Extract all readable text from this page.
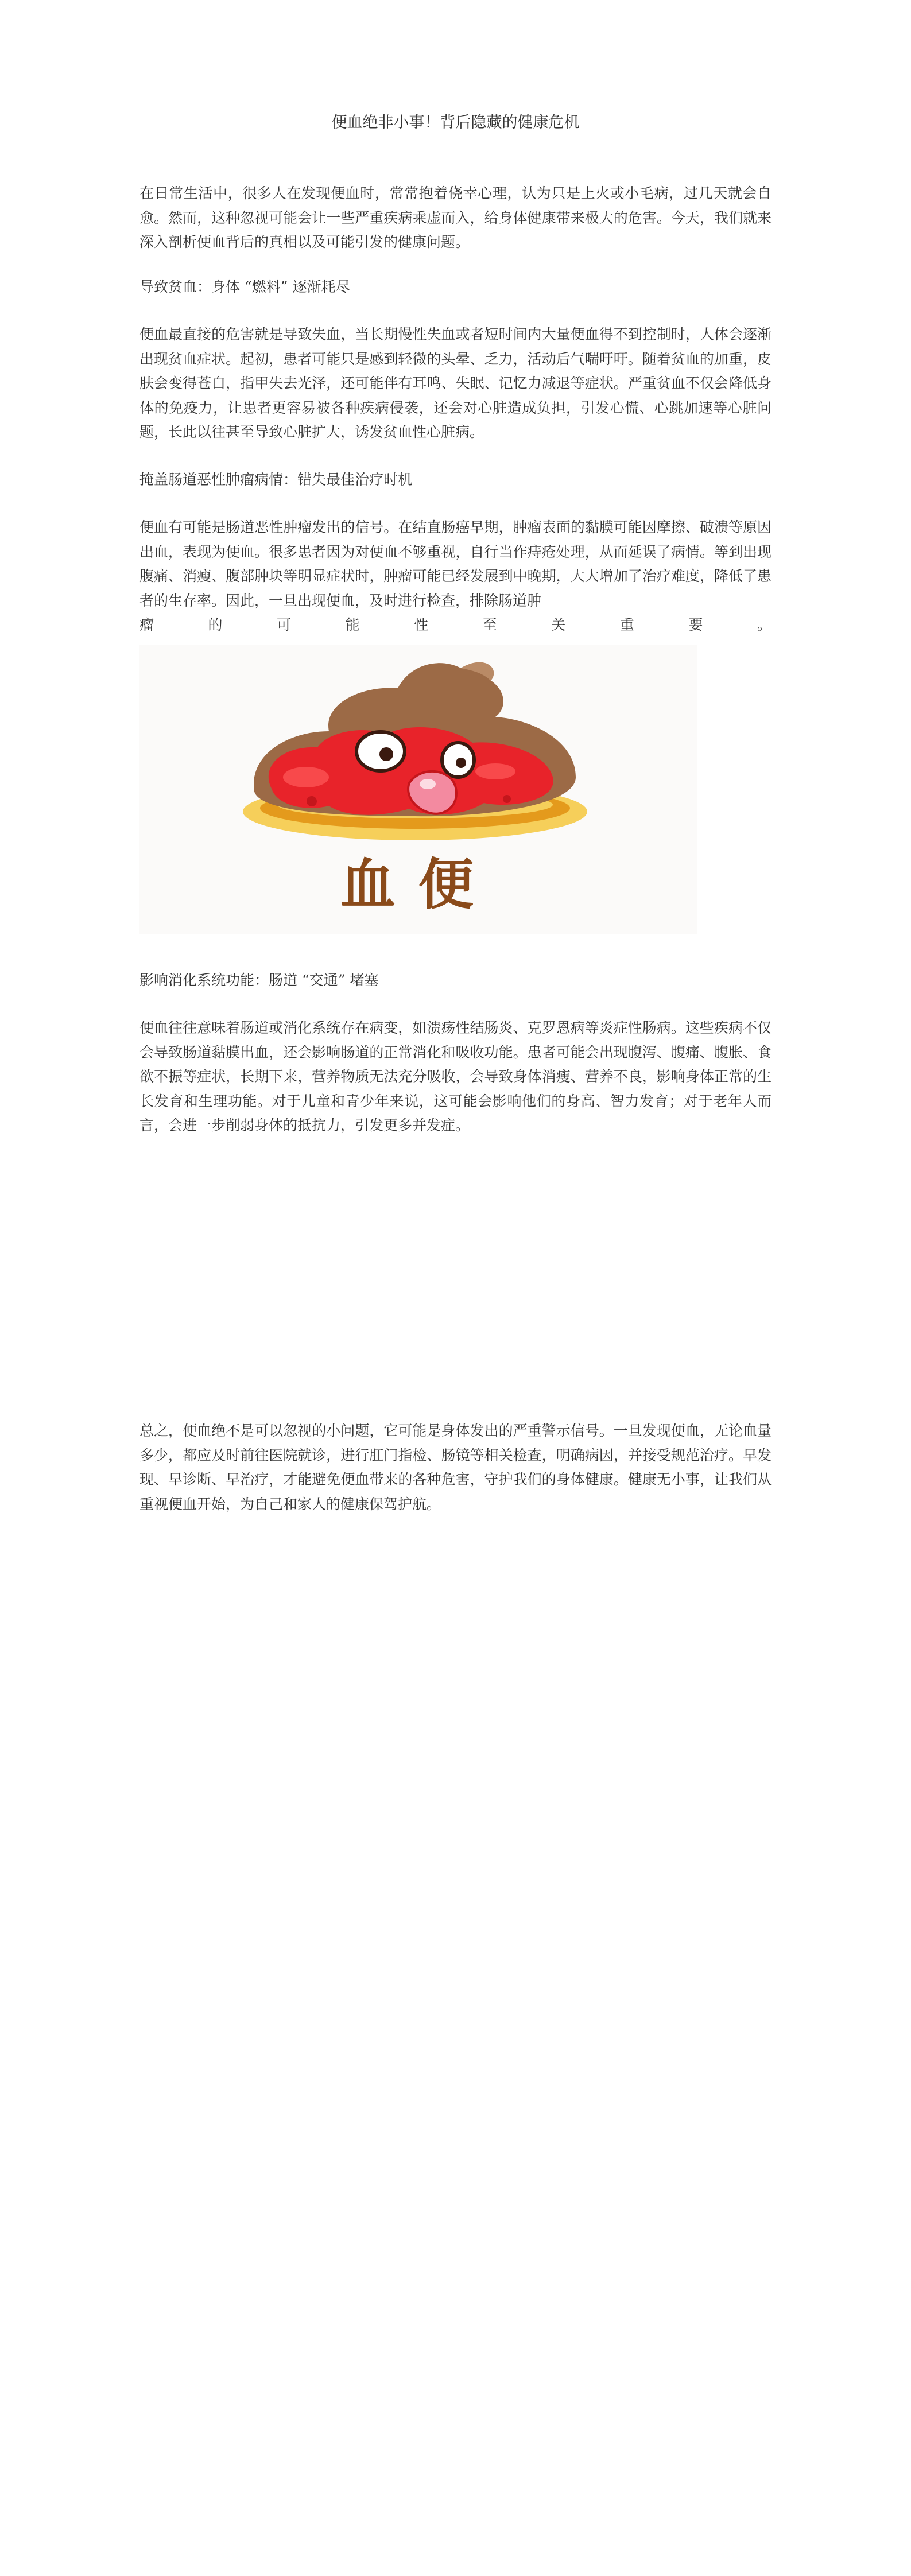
便血绝非小事！背后隐藏的健康危机

在日常生活中，很多人在发现便血时，常常抱着侥幸心理，认为只是上火或小毛病，过几天就会自愈。然而，这种忽视可能会让一些严重疾病乘虚而入，给身体健康带来极大的危害。今天，我们就来深入剖析便血背后的真相以及可能引发的健康问题。

导致贫血：身体 “燃料” 逐渐耗尽

便血最直接的危害就是导致失血，当长期慢性失血或者短时间内大量便血得不到控制时，人体会逐渐出现贫血症状。起初，患者可能只是感到轻微的头晕、乏力，活动后气喘吁吁。随着贫血的加重，皮肤会变得苍白，指甲失去光泽，还可能伴有耳鸣、失眠、记忆力减退等症状。严重贫血不仅会降低身体的免疫力，让患者更容易被各种疾病侵袭，还会对心脏造成负担，引发心慌、心跳加速等心脏问题，长此以往甚至导致心脏扩大，诱发贫血性心脏病。

掩盖肠道恶性肿瘤病情：错失最佳治疗时机

便血有可能是肠道恶性肿瘤发出的信号。在结直肠癌早期，肿瘤表面的黏膜可能因摩擦、破溃等原因出血，表现为便血。很多患者因为对便血不够重视，自行当作痔疮处理，从而延误了病情。等到出现腹痛、消瘦、腹部肿块等明显症状时，肿瘤可能已经发展到中晚期，大大增加了治疗难度，降低了患者的生存率。因此，一旦出现便血，及时进行检查，排除肠道肿

瘤的可能性至关重要。

血便
影响消化系统功能：肠道 “交通” 堵塞

便血往往意味着肠道或消化系统存在病变，如溃疡性结肠炎、克罗恩病等炎症性肠病。这些疾病不仅会导致肠道黏膜出血，还会影响肠道的正常消化和吸收功能。患者可能会出现腹泻、腹痛、腹胀、食欲不振等症状，长期下来，营养物质无法充分吸收，会导致身体消瘦、营养不良，影响身体正常的生长发育和生理功能。对于儿童和青少年来说，这可能会影响他们的身高、智力发育；对于老年人而言，会进一步削弱身体的抵抗力，引发更多并发症。

总之，便血绝不是可以忽视的小问题，它可能是身体发出的严重警示信号。一旦发现便血，无论血量多少，都应及时前往医院就诊，进行肛门指检、肠镜等相关检查，明确病因，并接受规范治疗。早发现、早诊断、早治疗，才能避免便血带来的各种危害，守护我们的身体健康。健康无小事，让我们从重视便血开始，为自己和家人的健康保驾护航。
